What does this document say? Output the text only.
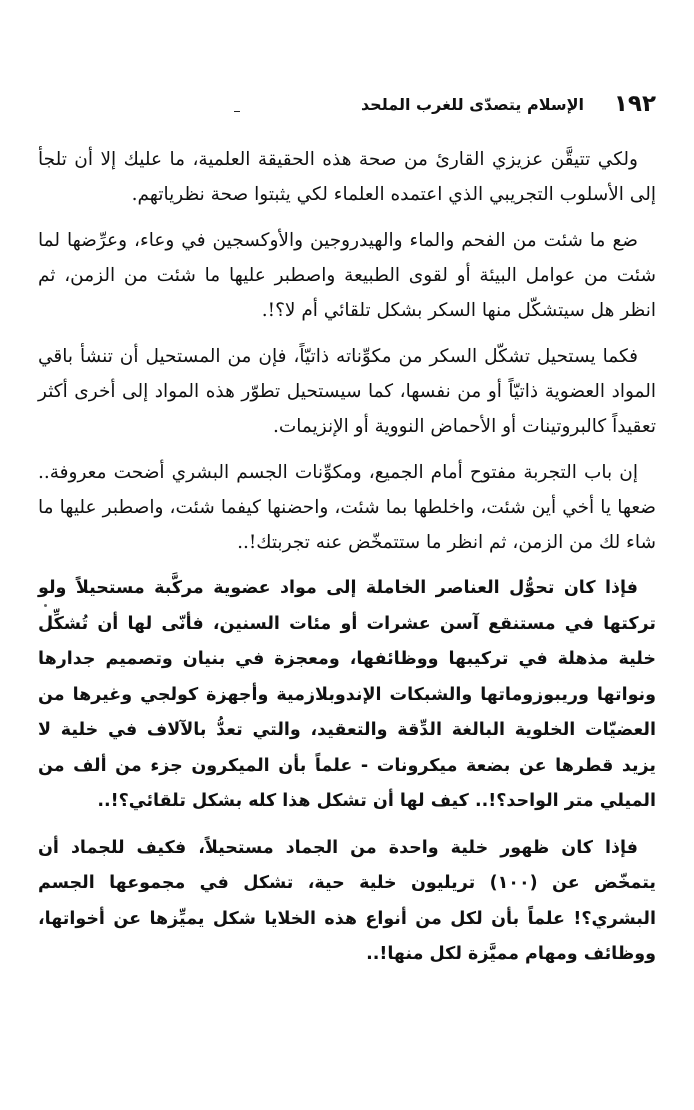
١٩٢
الإسلام يتصدّى للغرب الملحد

ولكي تتيقَّن عزيزي القارئ من صحة هذه الحقيقة العلمية، ما عليك إلا أن تلجأ إلى الأسلوب التجريبي الذي اعتمده العلماء لكي يثبتوا صحة نظرياتهم.

ضع ما شئت من الفحم والماء والهيدروجين والأوكسجين في وعاء، وعرِّضها لما شئت من عوامل البيئة أو لقوى الطبيعة واصطبر عليها ما شئت من الزمن، ثم انظر هل سيتشكّل منها السكر بشكل تلقائي أم لا؟!.

فكما يستحيل تشكّل السكر من مكوِّناته ذاتيّاً، فإن من المستحيل أن تنشأ باقي المواد العضوية ذاتيّاً أو من نفسها، كما سيستحيل تطوّر هذه المواد إلى أخرى أكثر تعقيداً كالبروتينات أو الأحماض النووية أو الإنزيمات.

إن باب التجربة مفتوح أمام الجميع، ومكوِّنات الجسم البشري أضحت معروفة.. ضعها يا أخي أين شئت، واخلطها بما شئت، واحضنها كيفما شئت، واصطبر عليها ما شاء لك من الزمن، ثم انظر ما ستتمخّض عنه تجربتك!..

فإذا كان تحوُّل العناصر الخاملة إلى مواد عضوية مركَّبة مستحيلاً ولو تركتها في مستنقع آسن عشرات أو مئات السنين، فأنّى لها أن تُشكِّل خلية مذهلة في تركيبها ووظائفها، ومعجزة في بنيان وتصميم جدارها ونواتها وريبوزوماتها والشبكات الإندوبلازمية وأجهزة كولجي وغيرها من العضيّات الخلوية البالغة الدِّقة والتعقيد، والتي تعدُّ بالآلاف في خلية لا يزيد قطرها عن بضعة ميكرونات - علماً بأن الميكرون جزء من ألف من الميلي متر الواحد؟!.. كيف لها أن تشكل هذا كله بشكل تلقائي؟!..

فإذا كان ظهور خلية واحدة من الجماد مستحيلاً، فكيف للجماد أن يتمخّض عن (١٠٠) تريليون خلية حية، تشكل في مجموعها الجسم البشري؟! علماً بأن لكل من أنواع هذه الخلايا شكل يميِّزها عن أخواتها، ووظائف ومهام مميَّزة لكل منها!..
